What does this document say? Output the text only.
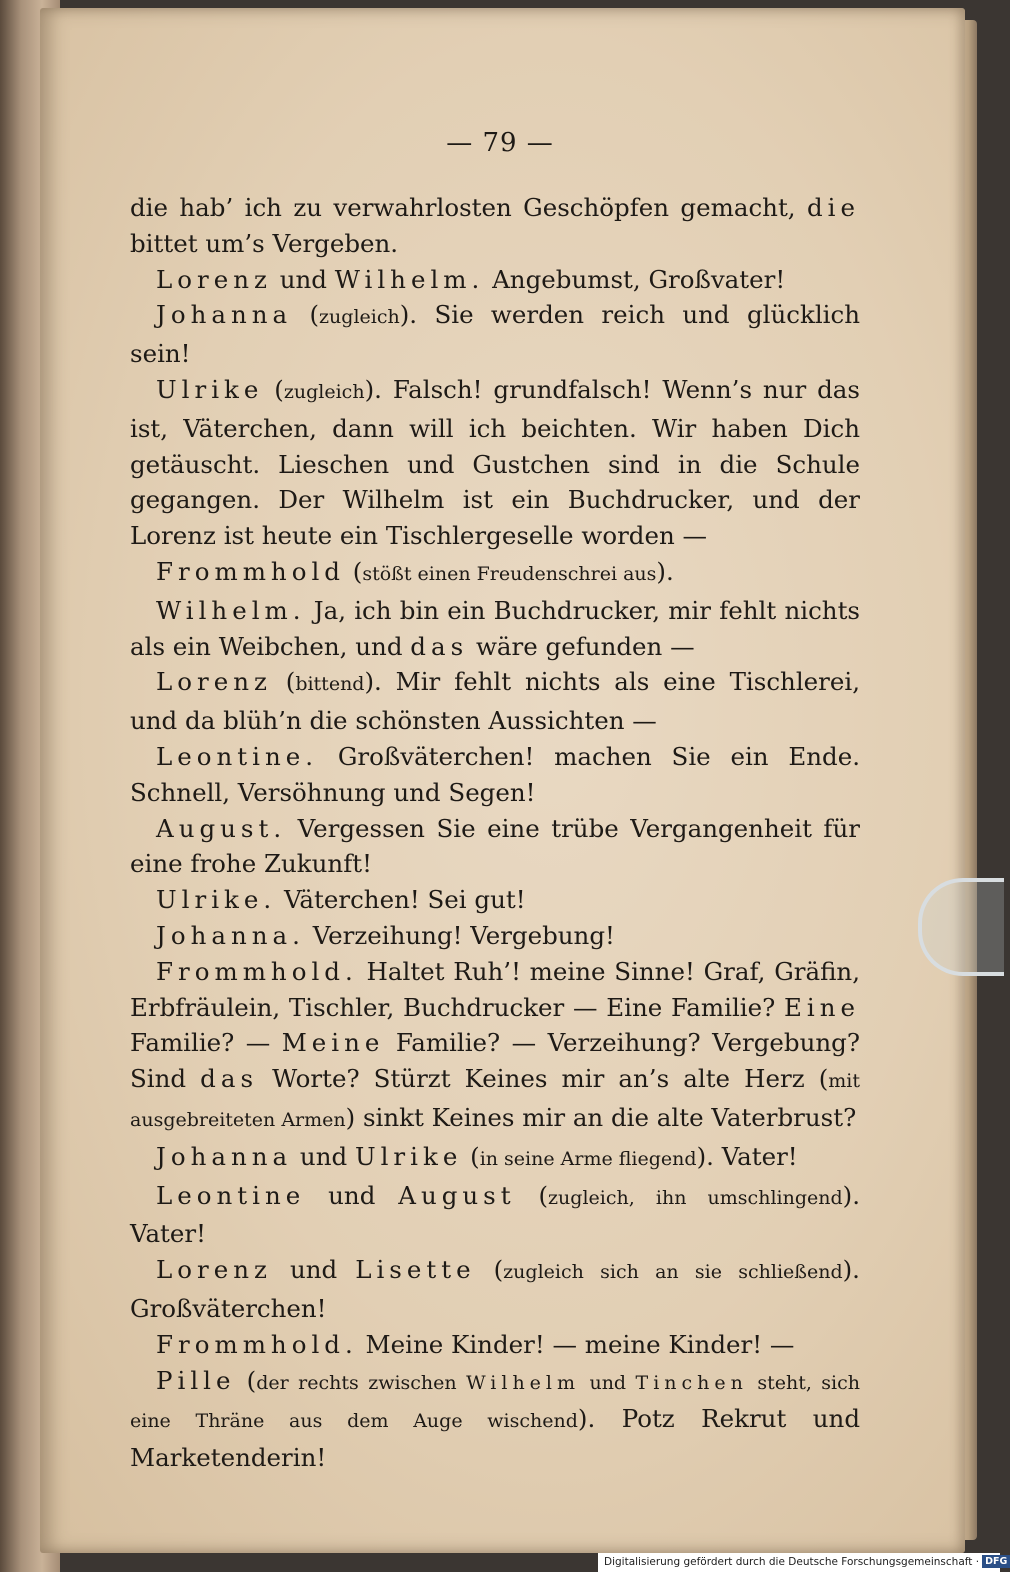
— 79 —

die hab’ ich zu verwahrlosten Geschöpfen gemacht, die bittet um’s Vergeben.

Lorenz und Wilhelm. Angebumst, Großvater!

Johanna (zugleich). Sie werden reich und glücklich sein!

Ulrike (zugleich). Falsch! grundfalsch! Wenn’s nur das ist, Väterchen, dann will ich beichten. Wir haben Dich getäuscht. Lieschen und Gustchen sind in die Schule gegangen. Der Wilhelm ist ein Buchdrucker, und der Lorenz ist heute ein Tischlergeselle worden —

Frommhold (stößt einen Freudenschrei aus).

Wilhelm. Ja, ich bin ein Buchdrucker, mir fehlt nichts als ein Weibchen, und das wäre gefunden —

Lorenz (bittend). Mir fehlt nichts als eine Tischlerei, und da blüh’n die schönsten Aussichten —

Leontine. Großväterchen! machen Sie ein Ende. Schnell, Versöhnung und Segen!

August. Vergessen Sie eine trübe Vergangenheit für eine frohe Zukunft!

Ulrike. Väterchen! Sei gut!

Johanna. Verzeihung! Vergebung!

Frommhold. Haltet Ruh’! meine Sinne! Graf, Gräfin, Erbfräulein, Tischler, Buchdrucker — Eine Familie? Eine Familie? — Meine Familie? — Verzeihung? Vergebung? Sind das Worte? Stürzt Keines mir an’s alte Herz (mit ausgebreiteten Armen) sinkt Keines mir an die alte Vaterbrust?

Johanna und Ulrike (in seine Arme fliegend). Vater!

Leontine und August (zugleich, ihn umschlingend). Vater!

Lorenz und Lisette (zugleich sich an sie schließend). Großväterchen!

Frommhold. Meine Kinder! — meine Kinder! —

Pille (der rechts zwischen Wilhelm und Tinchen steht, sich eine Thräne aus dem Auge wischend). Potz Rekrut und Marketenderin!

Digitalisierung gefördert durch die Deutsche Forschungsgemeinschaft · DFG
